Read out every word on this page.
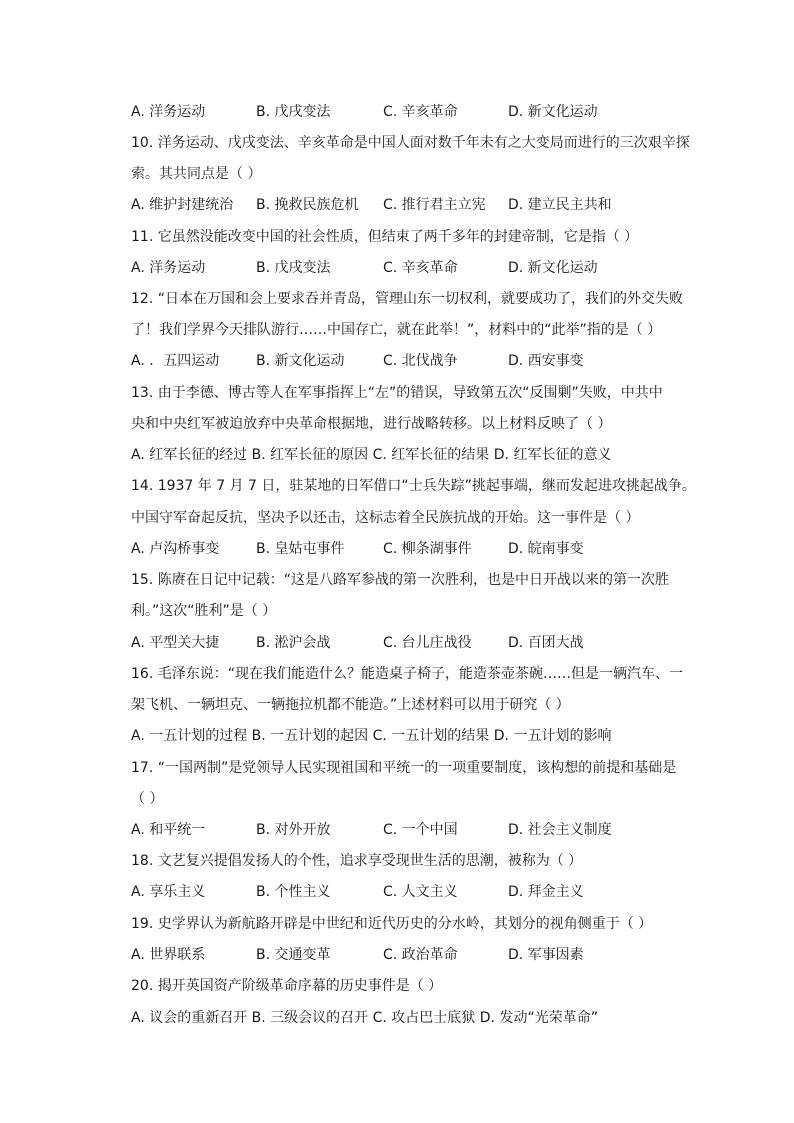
A. 洋务运动	B. 戊戌变法	C. 辛亥革命	D. 新文化运动
10. 洋务运动、戊戌变法、辛亥革命是中国人面对数千年未有之大变局而进行的三次艰辛探
索。其共同点是（ ）
A. 维护封建统治 B. 挽救民族危机 C. 推行君主立宪 D. 建立民主共和
11. 它虽然没能改变中国的社会性质，但结束了两千多年的封建帝制，它是指（ ）
A. 洋务运动	B. 戊戌变法	C. 辛亥革命	D. 新文化运动
12. “日本在万国和会上要求吞并青岛，管理山东一切权利，就要成功了，我们的外交失败
了！我们学界今天排队游行……中国存亡，就在此举！”，材料中的“此举”指的是（ ）
A. ．五四运动	B. 新文化运动	C. 北伐战争	D. 西安事变
13. 由于李德、博古等人在军事指挥上“左”的错误，导致第五次“反围剿”失败，中共中
央和中央红军被迫放弃中央革命根据地，进行战略转移。以上材料反映了（ ）
A. 红军长征的经过 B. 红军长征的原因 C. 红军长征的结果 D. 红军长征的意义
14. 1937 年 7 月 7 日，驻某地的日军借口“士兵失踪”挑起事端，继而发起进攻挑起战争。
中国守军奋起反抗，坚决予以还击，这标志着全民族抗战的开始。这一事件是（ ）
A. 卢沟桥事变	B. 皇姑屯事件	C. 柳条湖事件	D. 皖南事变
15. 陈赓在日记中记载：“这是八路军参战的第一次胜利，也是中日开战以来的第一次胜
利。”这次“胜利”是（ ）
A. 平型关大捷	B. 淞沪会战	C. 台儿庄战役	D. 百团大战
16. 毛泽东说：“现在我们能造什么？能造桌子椅子，能造茶壶茶碗……但是一辆汽车、一
架飞机、一辆坦克、一辆拖拉机都不能造。”上述材料可以用于研究（ ）
A. 一五计划的过程 B. 一五计划的起因 C. 一五计划的结果 D. 一五计划的影响
17. “一国两制”是党领导人民实现祖国和平统一的一项重要制度，该构想的前提和基础是
（ ）
A. 和平统一	B. 对外开放	C. 一个中国	D. 社会主义制度
18. 文艺复兴提倡发扬人的个性，追求享受现世生活的思潮，被称为（ ）
A. 享乐主义	B. 个性主义	C. 人文主义	D. 拜金主义
19. 史学界认为新航路开辟是中世纪和近代历史的分水岭，其划分的视角侧重于（ ）
A. 世界联系	B. 交通变革	C. 政治革命	D. 军事因素
20. 揭开英国资产阶级革命序幕的历史事件是（ ）
A. 议会的重新召开 B. 三级会议的召开 C. 攻占巴士底狱 D. 发动“光荣革命”
